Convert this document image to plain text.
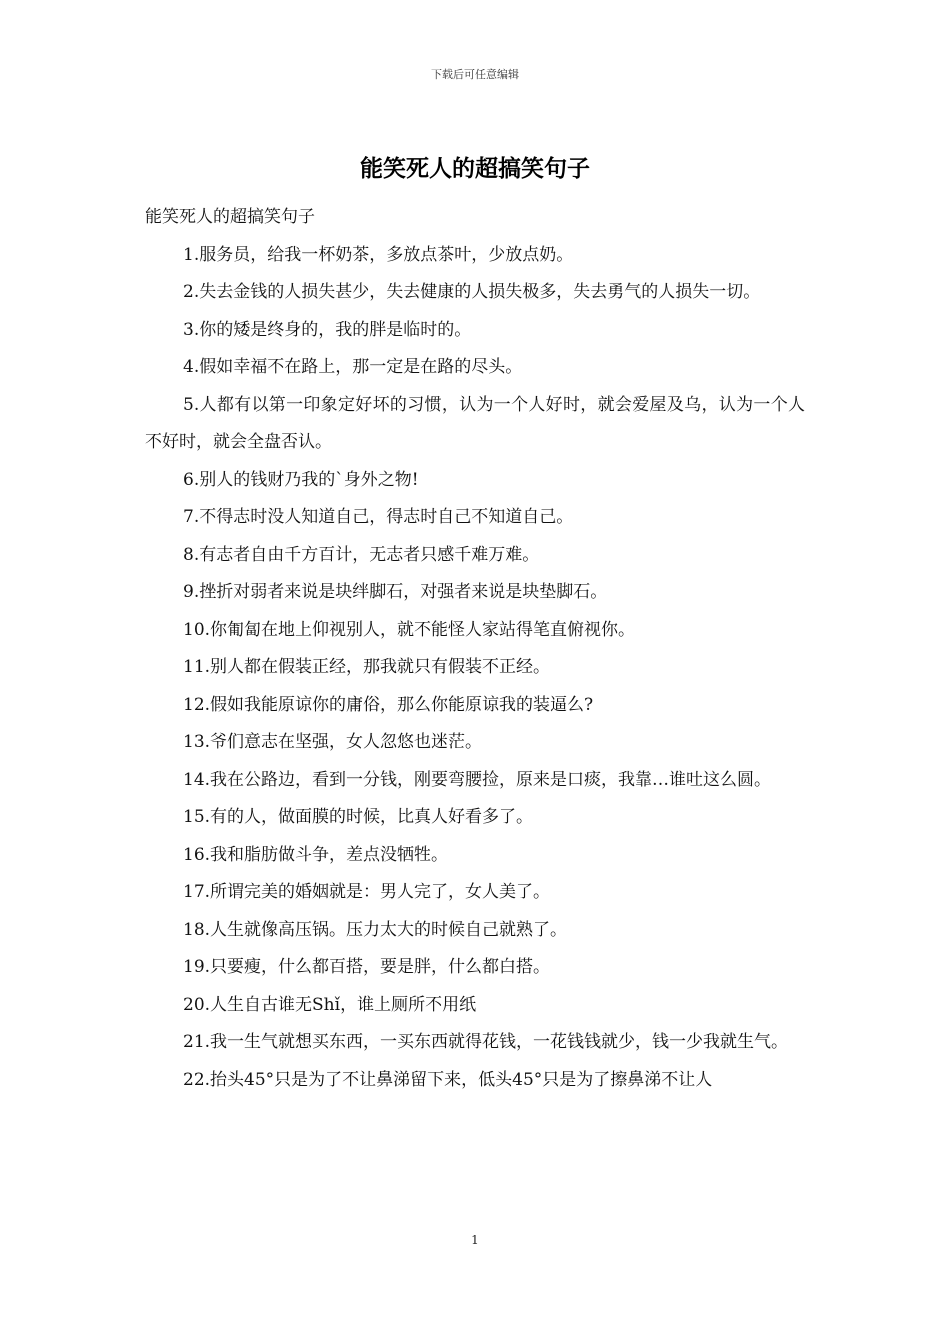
下载后可任意编辑
能笑死人的超搞笑句子

能笑死人的超搞笑句子

1.服务员，给我一杯奶茶，多放点茶叶，少放点奶。

2.失去金钱的人损失甚少，失去健康的人损失极多，失去勇气的人损失一切。

3.你的矮是终身的，我的胖是临时的。

4.假如幸福不在路上，那一定是在路的尽头。

5.人都有以第一印象定好坏的习惯，认为一个人好时，就会爱屋及乌，认为一个人不好时，就会全盘否认。

6.别人的钱财乃我的`身外之物!

7.不得志时没人知道自己，得志时自己不知道自己。

8.有志者自由千方百计，无志者只感千难万难。

9.挫折对弱者来说是块绊脚石，对强者来说是块垫脚石。

10.你匍匐在地上仰视别人，就不能怪人家站得笔直俯视你。

11.别人都在假装正经，那我就只有假装不正经。

12.假如我能原谅你的庸俗，那么你能原谅我的装逼么?

13.爷们意志在坚强，女人忽悠也迷茫。

14.我在公路边，看到一分钱，刚要弯腰捡，原来是口痰，我靠…谁吐这么圆。

15.有的人，做面膜的时候，比真人好看多了。

16.我和脂肪做斗争，差点没牺牲。

17.所谓完美的婚姻就是：男人完了，女人美了。

18.人生就像高压锅。压力太大的时候自己就熟了。

19.只要瘦，什么都百搭，要是胖，什么都白搭。

20.人生自古谁无Shǐ，谁上厕所不用纸

21.我一生气就想买东西，一买东西就得花钱，一花钱钱就少，钱一少我就生气。

22.抬头45°只是为了不让鼻涕留下来，低头45°只是为了擦鼻涕不让人

1
